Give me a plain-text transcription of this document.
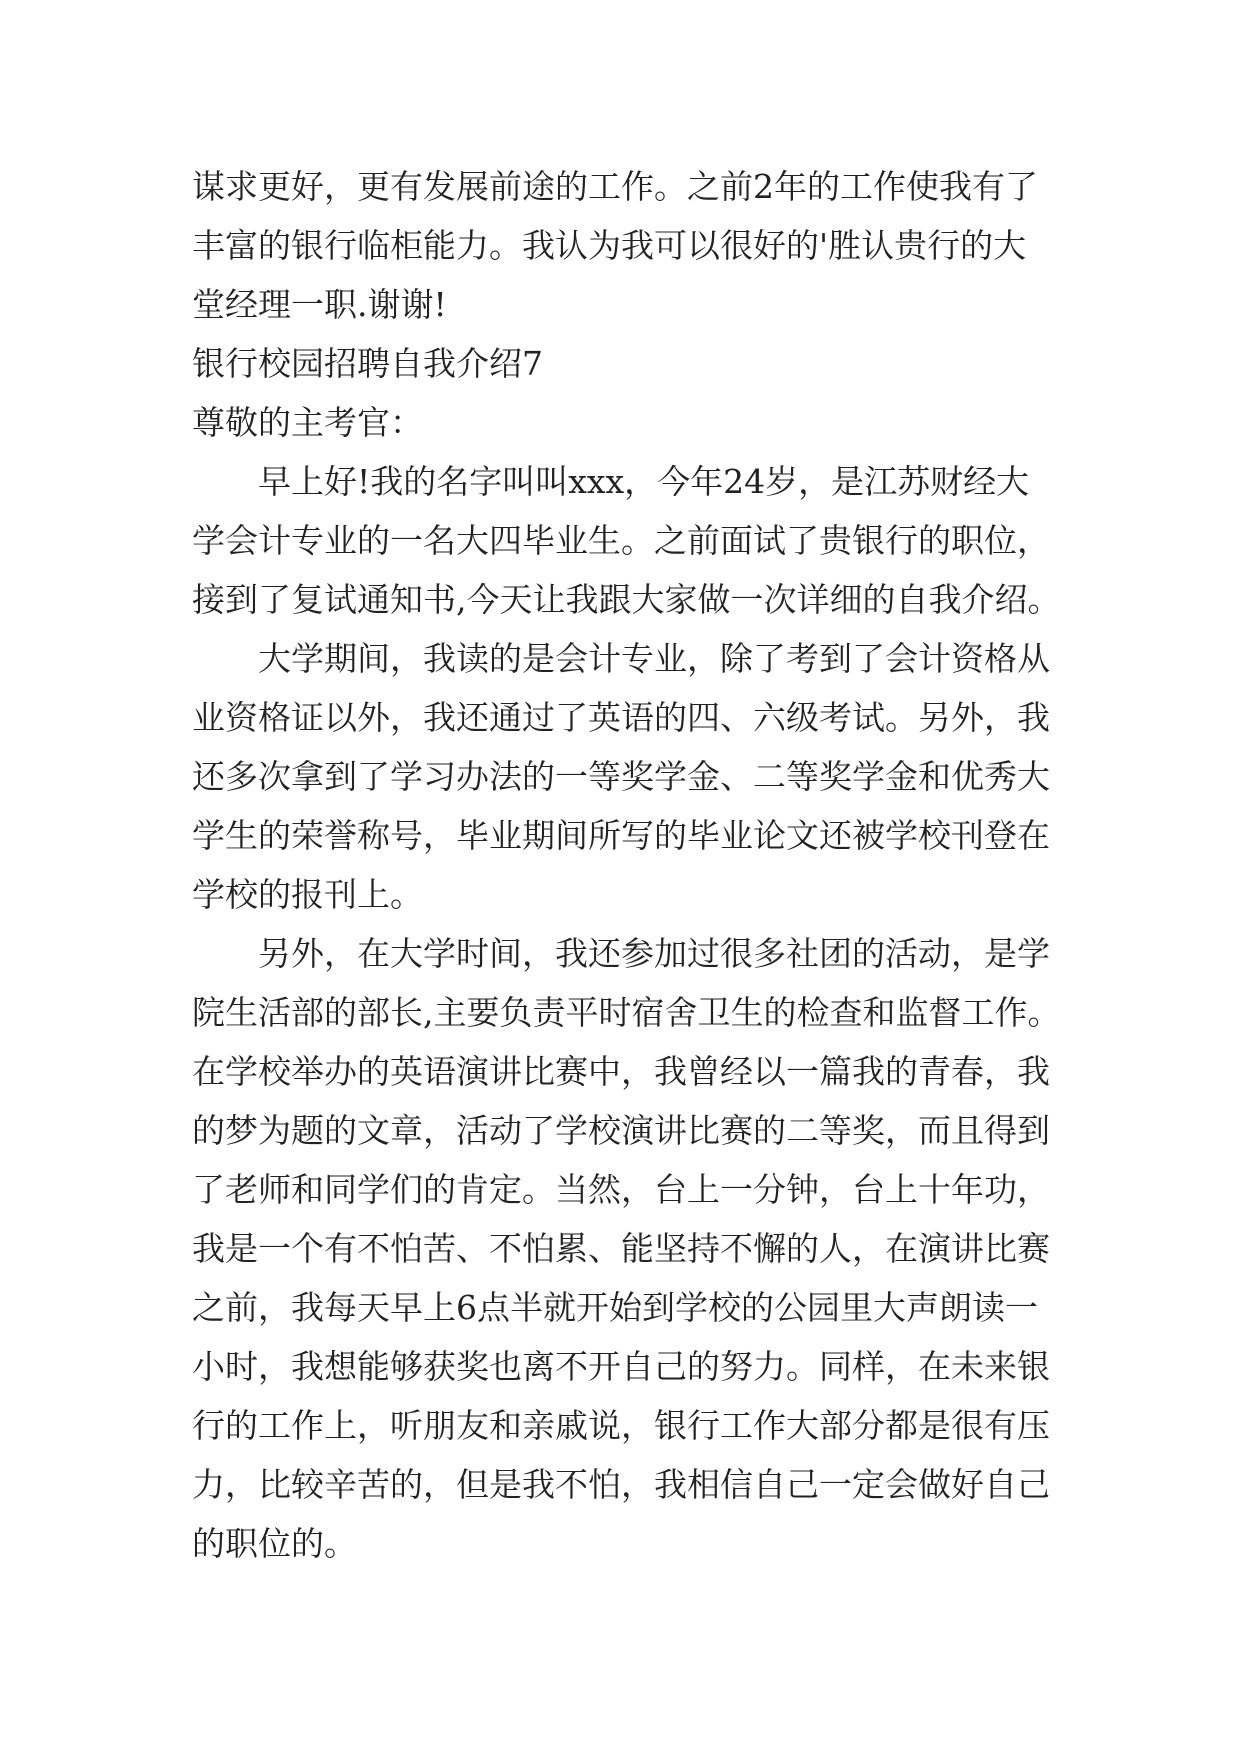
谋求更好，更有发展前途的工作。之前2年的工作使我有了

丰富的银行临柜能力。我认为我可以很好的'胜认贵行的大

堂经理一职.谢谢!

银行校园招聘自我介绍7

尊敬的主考官：

早上好!我的名字叫叫xxx，今年24岁，是江苏财经大

学会计专业的一名大四毕业生。之前面试了贵银行的职位，

接到了复试通知书,今天让我跟大家做一次详细的自我介绍。

大学期间，我读的是会计专业，除了考到了会计资格从

业资格证以外，我还通过了英语的四、六级考试。另外，我

还多次拿到了学习办法的一等奖学金、二等奖学金和优秀大

学生的荣誉称号，毕业期间所写的毕业论文还被学校刊登在

学校的报刊上。

另外，在大学时间，我还参加过很多社团的活动，是学

院生活部的部长,主要负责平时宿舍卫生的检查和监督工作。

在学校举办的英语演讲比赛中，我曾经以一篇我的青春，我

的梦为题的文章，活动了学校演讲比赛的二等奖，而且得到

了老师和同学们的肯定。当然，台上一分钟，台上十年功，

我是一个有不怕苦、不怕累、能坚持不懈的人，在演讲比赛

之前，我每天早上6点半就开始到学校的公园里大声朗读一

小时，我想能够获奖也离不开自己的努力。同样，在未来银

行的工作上，听朋友和亲戚说，银行工作大部分都是很有压

力，比较辛苦的，但是我不怕，我相信自己一定会做好自己

的职位的。
